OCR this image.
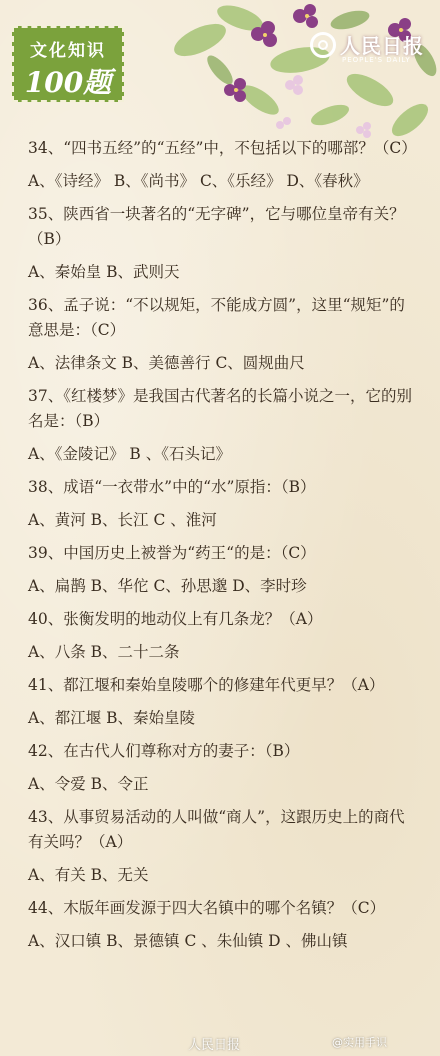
文化知识
100题
人民日报
PEOPLE'S DAILY

34、“四书五经”的“五经”中，不包括以下的哪部？（C）

A、《诗经》 B、《尚书》 C、《乐经》 D、《春秋》

35、陕西省一块著名的“无字碑”，它与哪位皇帝有关？（B）

A、秦始皇 B、武则天

36、孟子说：“不以规矩，不能成方圆”，这里“规矩”的意思是：（C）

A、法律条文 B、美德善行 C、圆规曲尺

37、《红楼梦》是我国古代著名的长篇小说之一，它的别名是：（B）

A、《金陵记》 B 、《石头记》

38、成语“一衣带水”中的“水”原指：（B）

A、黄河 B、长江 C 、淮河

39、中国历史上被誉为“药王“的是：（C）

A、扁鹊 B、华佗 C、孙思邈 D、李时珍

40、张衡发明的地动仪上有几条龙？（A）

A、八条 B、二十二条

41、都江堰和秦始皇陵哪个的修建年代更早？（A）

A、都江堰 B、秦始皇陵

42、在古代人们尊称对方的妻子：（B）

A、令爱 B、令正

43、从事贸易活动的人叫做“商人”，这跟历史上的商代有关吗？（A）

A、有关 B、无关

44、木版年画发源于四大名镇中的哪个名镇？（C）

A、汉口镇 B、景德镇 C 、朱仙镇 D 、佛山镇

人民日报	@实用手识
